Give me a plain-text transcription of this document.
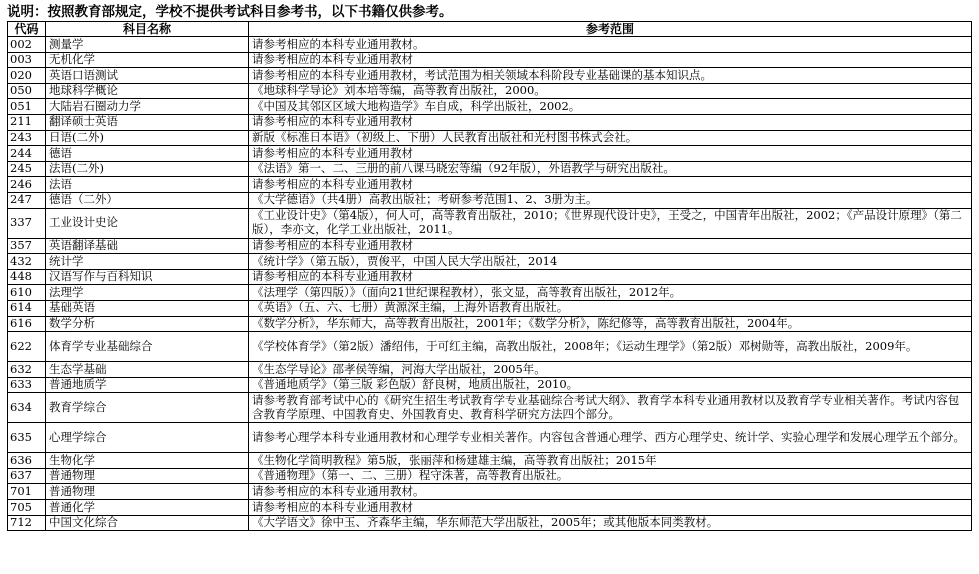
说明：按照教育部规定，学校不提供考试科目参考书，以下书籍仅供参考。
代码	科目名称	参考范围
002	测量学	请参考相应的本科专业通用教材。
003	无机化学	请参考相应的本科专业通用教材
020	英语口语测试	请参考相应的本科专业通用教材，考试范围为相关领域本科阶段专业基础课的基本知识点。
050	地球科学概论	《地球科学导论》刘本培等编，高等教育出版社，2000。
051	大陆岩石圈动力学	《中国及其邻区区域大地构造学》车自成，科学出版社，2002。
211	翻译硕士英语	请参考相应的本科专业通用教材
243	日语(二外)	新版《标准日本语》（初级上、下册）人民教育出版社和光村图书株式会社。
244	德语	请参考相应的本科专业通用教材
245	法语(二外)	《法语》第一、二、三册的前八课马晓宏等编（92年版），外语教学与研究出版社。
246	法语	请参考相应的本科专业通用教材
247	德语（二外）	《大学德语》（共4册）高教出版社；考研参考范围1、2、3册为主。
337	工业设计史论	《工业设计史》（第4版），何人可，高等教育出版社，2010；《世界现代设计史》，王受之，中国青年出版社，2002；《产品设计原理》（第二版），李亦文，化学工业出版社，2011。
357	英语翻译基础	请参考相应的本科专业通用教材
432	统计学	《统计学》（第五版），贾俊平，中国人民大学出版社，2014
448	汉语写作与百科知识	请参考相应的本科专业通用教材
610	法理学	《法理学（第四版）》（面向21世纪课程教材），张文显，高等教育出版社，2012年。
614	基础英语	《英语》（五、六、七册）黄源深主编，上海外语教育出版社。
616	数学分析	《数学分析》，华东师大，高等教育出版社，2001年；《数学分析》，陈纪修等，高等教育出版社，2004年。
622	体育学专业基础综合	《学校体育学》（第2版）潘绍伟，于可红主编，高教出版社，2008年；《运动生理学》（第2版）邓树勋等，高教出版社，2009年。
632	生态学基础	《生态学导论》邵孝侯等编，河海大学出版社，2005年。
633	普通地质学	《普通地质学》（第三版 彩色版）舒良树，地质出版社，2010。
634	教育学综合	请参考教育部考试中心的《研究生招生考试教育学专业基础综合考试大纲》、教育学本科专业通用教材以及教育学专业相关著作。考试内容包含教育学原理、中国教育史、外国教育史、教育科学研究方法四个部分。
635	心理学综合	请参考心理学本科专业通用教材和心理学专业相关著作。内容包含普通心理学、西方心理学史、统计学、实验心理学和发展心理学五个部分。
636	生物化学	《生物化学简明教程》第5版，张丽萍和杨建雄主编，高等教育出版社；2015年
637	普通物理	《普通物理》（第一、二、三册）程守洙著，高等教育出版社。
701	普通物理	请参考相应的本科专业通用教材。
705	普通化学	请参考相应的本科专业通用教材
712	中国文化综合	《大学语文》徐中玉、齐森华主编，华东师范大学出版社，2005年；或其他版本同类教材。
